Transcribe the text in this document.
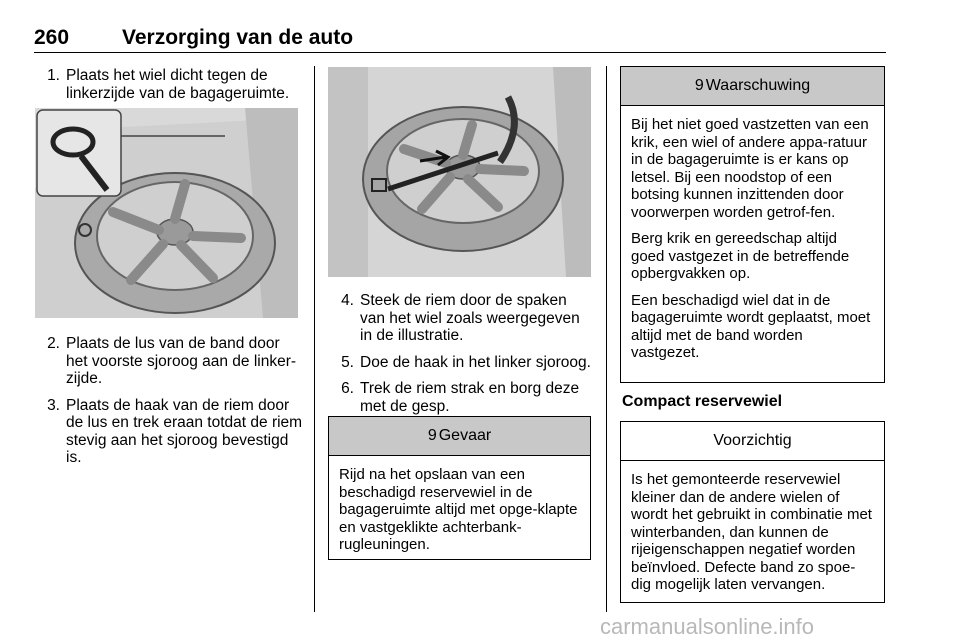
260	Verzorging van de auto
1. Plaats het wiel dicht tegen de linkerzijde van de bagageruimte.
2. Plaats de lus van de band door het voorste sjoroog aan de linker-zijde.
3. Plaats de haak van de riem door de lus en trek eraan totdat de riem stevig aan het sjoroog bevestigd is.
4. Steek de riem door de spaken van het wiel zoals weergegeven in de illustratie.
5. Doe de haak in het linker sjoroog.
6. Trek de riem strak en borg deze met de gesp.
9 Gevaar

Rijd na het opslaan van een beschadigd reservewiel in de bagageruimte altijd met opge-klapte en vastgeklikte achterbank-rugleuningen.

9 Waarschuwing

Bij het niet goed vastzetten van een krik, een wiel of andere appa-ratuur in de bagageruimte is er kans op letsel. Bij een noodstop of een botsing kunnen inzittenden door voorwerpen worden getrof-fen.

Berg krik en gereedschap altijd goed vastgezet in de betreffende opbergvakken op.

Een beschadigd wiel dat in de bagageruimte wordt geplaatst, moet altijd met de band worden vastgezet.

Compact reservewiel
Voorzichtig

Is het gemonteerde reservewiel kleiner dan de andere wielen of wordt het gebruikt in combinatie met winterbanden, dan kunnen de rijeigenschappen negatief worden beïnvloed. Defecte band zo spoe-dig mogelijk laten vervangen.

carmanualsonline.info
